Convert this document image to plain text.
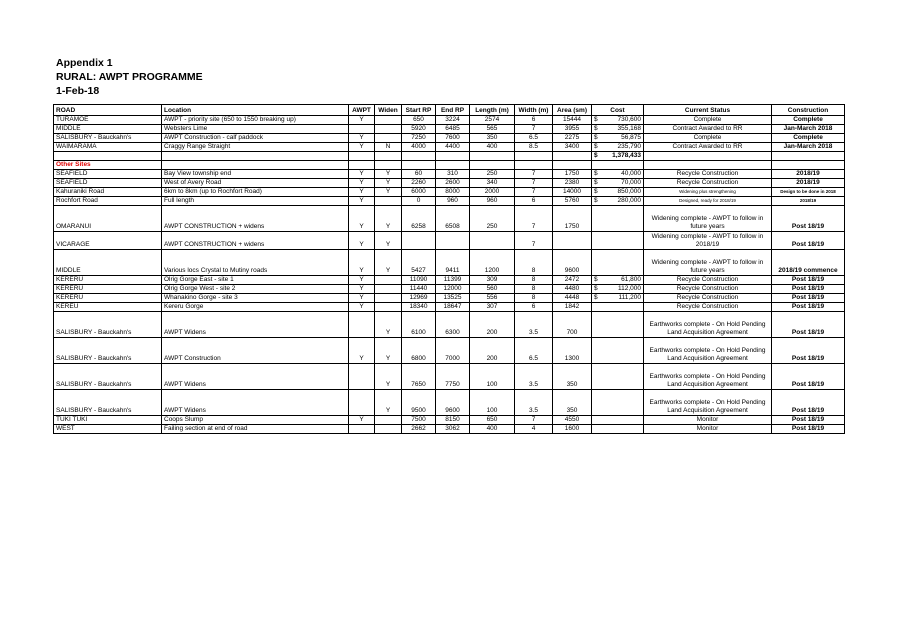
Appendix 1
RURAL: AWPT PROGRAMME
1-Feb-18
ROAD	Location	AWPT	Widen	Start RP	End RP	Length (m)	Width (m)	Area (sm)	Cost	Current Status	Construction
TURAMOE	AWPT - priority site (650 to 1550 breaking up)	Y		650	3224	2574	6	15444	$ 730,600	Complete	Complete
MIDDLE	Websters Lime			5920	6485	565	7	3955	$ 355,168	Contract Awarded to RR	Jan-March 2018
SALISBURY - Bauckahn's	AWPT Construction - calf paddock	Y		7250	7600	350	6.5	2275	$ 56,875	Complete	Complete
WAIMARAMA	Craggy Range Straight	Y	N	4000	4400	400	8.5	3400	$ 235,790	Contract Awarded to RR	Jan-March 2018

									$ 1,378,433		
Other Sites											
SEAFIELD	Bay View township end	Y	Y	60	310	250	7	1750	$ 40,000	Recycle Construction	2018/19
SEAFIELD	West of Avery Road	Y	Y	2260	2600	340	7	2380	$ 70,000	Recycle Construction	2018/19
Kahuraniki Road	6km to 8km (up to Rochfort Road)	Y	Y	6000	8000	2000	7	14000	$ 850,000	Widening plus strengthening	Design to be done in 2018
Rochfort Road	Full length	Y		0	960	960	6	5760	$ 280,000	Designed, ready for 2018/19	2018/19
OMARANUI	AWPT CONSTRUCTION + widens	Y	Y	6258	6508	250	7	1750		Widening complete - AWPT to follow in future years	Post 18/19
VICARAGE	AWPT CONSTRUCTION + widens	Y	Y				7			Widening complete - AWPT to follow in 2018/19	Post 18/19
MIDDLE	Various locs Crystal to Mutiny roads	Y	Y	5427	9411	1200	8	9600		Widening complete - AWPT to follow in future years	2018/19 commence
KERERU	Olrig Gorge East - site 1	Y		11090	11399	309	8	2472	$ 61,800	Recycle Construction	Post 18/19
KERERU	Olrig Gorge West - site 2	Y		11440	12000	560	8	4480	$ 112,000	Recycle Construction	Post 18/19
KERERU	Whanakino Gorge - site 3	Y		12969	13525	556	8	4448	$ 111,200	Recycle Construction	Post 18/19
KEREU	Kereru Gorge	Y		18340	18647	307	6	1842		Recycle Construction	Post 18/19
SALISBURY - Bauckahn's	AWPT Widens		Y	6100	6300	200	3.5	700		Earthworks complete - On Hold Pending Land Acquisition Agreement	Post 18/19
SALISBURY - Bauckahn's	AWPT Construction	Y	Y	6800	7000	200	6.5	1300		Earthworks complete - On Hold Pending Land Acquisition Agreement	Post 18/19
SALISBURY - Bauckahn's	AWPT Widens		Y	7650	7750	100	3.5	350		Earthworks complete - On Hold Pending Land Acquisition Agreement	Post 18/19
SALISBURY - Bauckahn's	AWPT Widens		Y	9500	9600	100	3.5	350		Earthworks complete - On Hold Pending Land Acquisition Agreement	Post 18/19
TUKI TUKI	Coops Slump	Y		7500	8150	650	7	4550		Monitor	Post 18/19
WEST	Failing section at end of road			2662	3062	400	4	1600		Monitor	Post 18/19
